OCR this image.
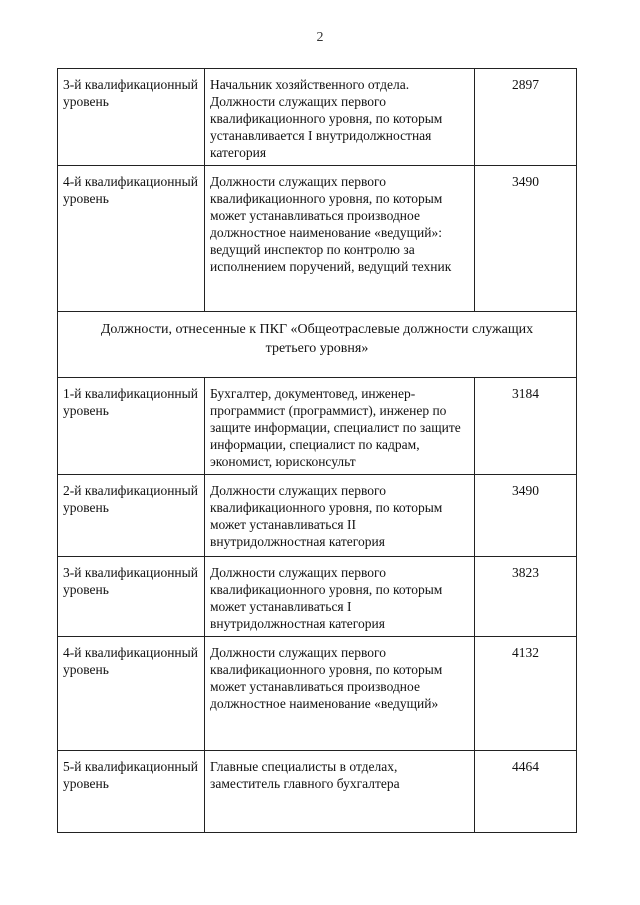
2
3-й квалификационный уровень	Начальник хозяйственного отдела. Должности служащих первого квалификационного уровня, по которым устанавливается I внутридолжностная категория	2897
4-й квалификационный уровень	Должности служащих первого квалификационного уровня, по которым может устанавливаться производное должностное наименование «ведущий»: ведущий инспектор по контролю за исполнением поручений, ведущий техник	3490
Должности, отнесенные к ПКГ «Общеотраслевые должности служащих третьего уровня»		
1-й квалификационный уровень	Бухгалтер, документовед, инженер-программист (программист), инженер по защите информации, специалист по защите информации, специалист по кадрам, экономист, юрисконсульт	3184
2-й квалификационный уровень	Должности служащих первого квалификационного уровня, по которым может устанавливаться II внутридолжностная категория	3490
3-й квалификационный уровень	Должности служащих первого квалификационного уровня, по которым может устанавливаться I внутридолжностная категория	3823
4-й квалификационный уровень	Должности служащих первого квалификационного уровня, по которым может устанавливаться производное должностное наименование «ведущий»	4132
5-й квалификационный уровень	Главные специалисты в отделах, заместитель главного бухгалтера	4464
